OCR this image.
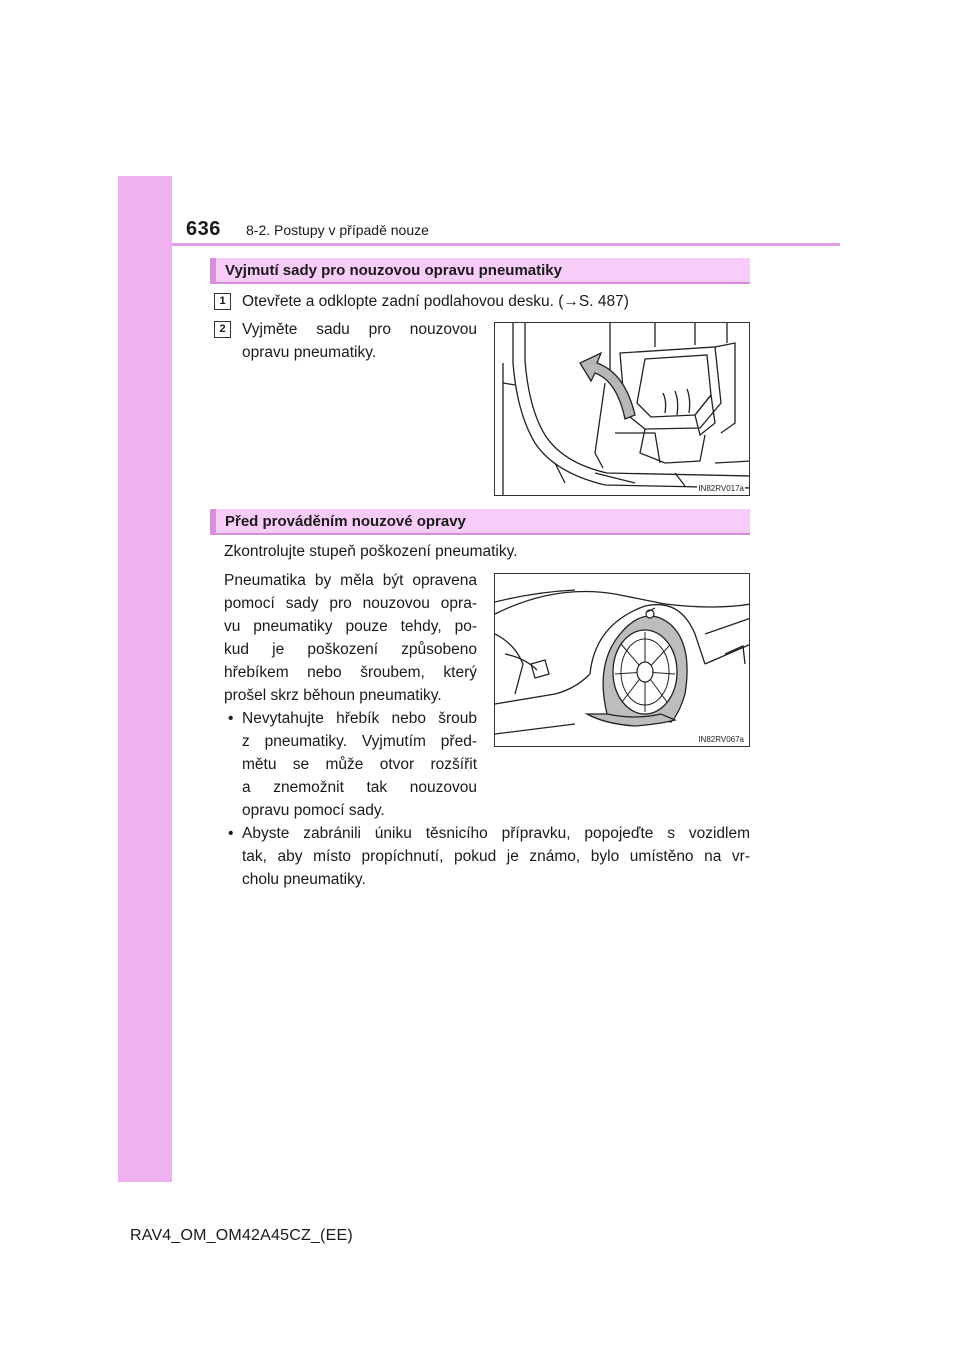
636 8-2. Postupy v případě nouze
Vyjmutí sady pro nouzovou opravu pneumatiky
1	Otevřete a odklopte zadní podlahovou desku. (→S. 487)
2	Vyjměte sadu pro nouzovou
opravu pneumatiky.
IN82RV017a
Před prováděním nouzové opravy
Zkontrolujte stupeň poškození pneumatiky.
Pneumatika by měla být opravena
pomocí sady pro nouzovou opra-
vu pneumatiky pouze tehdy, po-
kud je poškození způsobeno
hřebíkem nebo šroubem, který
prošel skrz běhoun pneumatiky.
• Nevytahujte hřebík nebo šroub
z pneumatiky. Vyjmutím před-
mětu se může otvor rozšířit
a znemožnit tak nouzovou
opravu pomocí sady.
• Abyste zabránili úniku těsnicího přípravku, popojeďte s vozidlem
tak, aby místo propíchnutí, pokud je známo, bylo umístěno na vr-
cholu pneumatiky.
IN82RV067a
RAV4_OM_OM42A45CZ_(EE)
